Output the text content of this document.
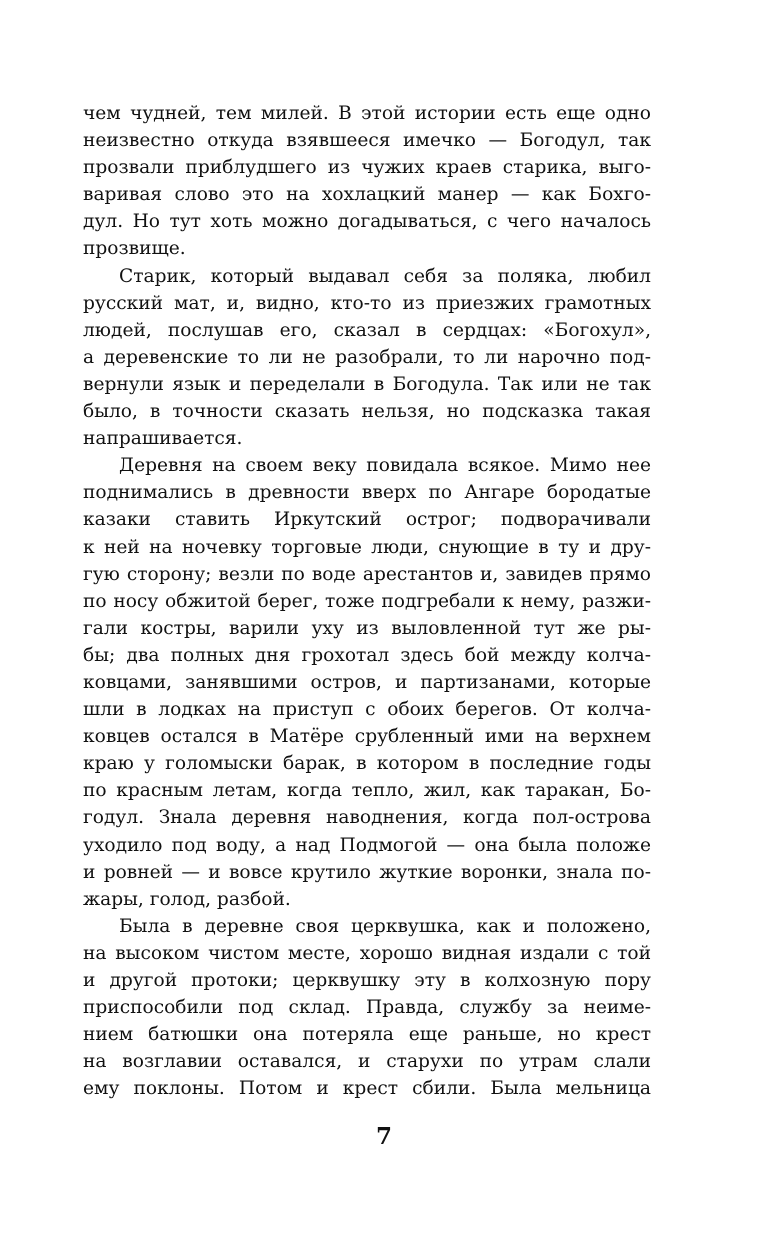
чем чудней, тем милей. В этой истории есть еще одно
неизвестно откуда взявшееся имечко — Богодул, так
прозвали приблудшего из чужих краев старика, выго-
варивая слово это на хохлацкий манер — как Бохго-
дул. Но тут хоть можно догадываться, с чего началось
прозвище.
Старик, который выдавал себя за поляка, любил
русский мат, и, видно, кто-то из приезжих грамотных
людей, послушав его, сказал в сердцах: «Богохул»,
а деревенские то ли не разобрали, то ли нарочно под-
вернули язык и переделали в Богодула. Так или не так
было, в точности сказать нельзя, но подсказка такая
напрашивается.
Деревня на своем веку повидала всякое. Мимо нее
поднимались в древности вверх по Ангаре бородатые
казаки ставить Иркутский острог; подворачивали
к ней на ночевку торговые люди, снующие в ту и дру-
гую сторону; везли по воде арестантов и, завидев прямо
по носу обжитой берег, тоже подгребали к нему, разжи-
гали костры, варили уху из выловленной тут же ры-
бы; два полных дня грохотал здесь бой между колча-
ковцами, занявшими остров, и партизанами, которые
шли в лодках на приступ с обоих берегов. От колча-
ковцев остался в Матёре срубленный ими на верхнем
краю у голомыски барак, в котором в последние годы
по красным летам, когда тепло, жил, как таракан, Бо-
годул. Знала деревня наводнения, когда пол-острова
уходило под воду, а над Подмогой — она была положе
и ровней — и вовсе крутило жуткие воронки, знала по-
жары, голод, разбой.
Была в деревне своя церквушка, как и положено,
на высоком чистом месте, хорошо видная издали с той
и другой протоки; церквушку эту в колхозную пору
приспособили под склад. Правда, службу за неиме-
нием батюшки она потеряла еще раньше, но крест
на возглавии оставался, и старухи по утрам слали
ему поклоны. Потом и крест сбили. Была мельница
7
